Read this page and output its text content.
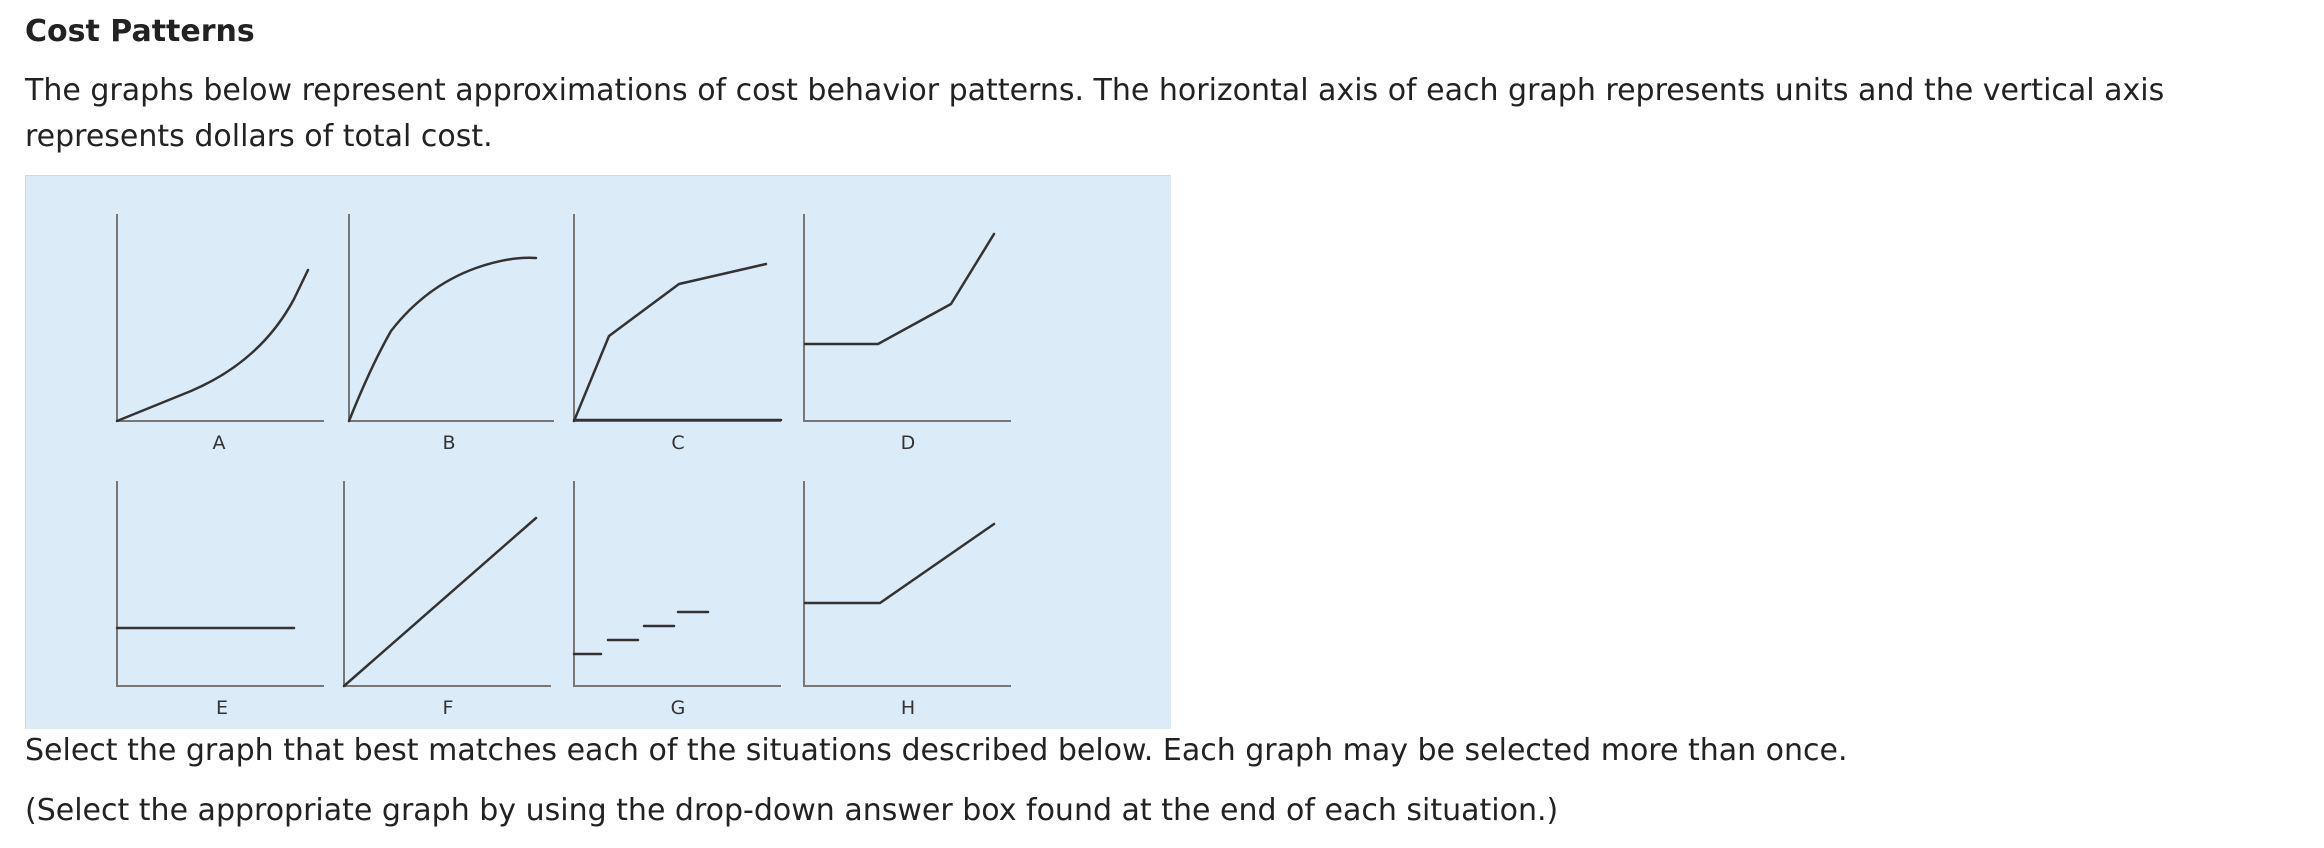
Cost Patterns
The graphs below represent approximations of cost behavior patterns. The horizontal axis of each graph represents units and the vertical axis represents dollars of total cost.
A	B	C	D
E	F	G	H
Select the graph that best matches each of the situations described below. Each graph may be selected more than once.
(Select the appropriate graph by using the drop-down answer box found at the end of each situation.)
